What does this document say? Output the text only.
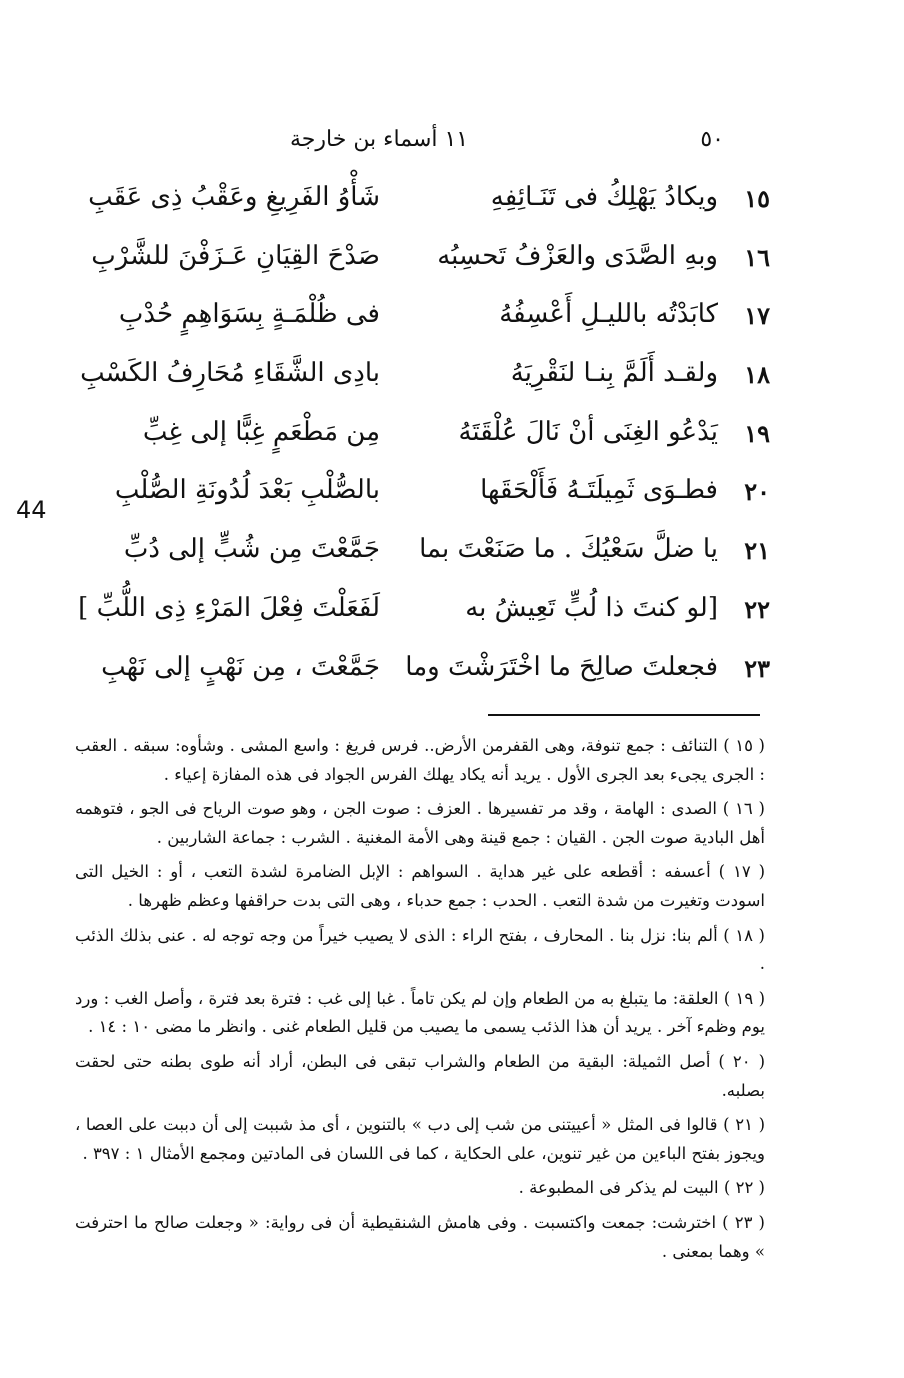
٥٠
١١ أسماء بن خارجة
44
١٥
ويكادُ يَهْلِكُ فى تَنَـائِفِهِ
شَأْوُ الفَرِيغِ وعَقْبُ ذِى عَقَبِ
١٦
وبهِ الصَّدَى والعَزْفُ تَحسِبُه
صَدْحَ القِيَانِ عَـزَفْنَ للشَّرْبِ
١٧
كابَدْتُه بالليـلِ أَعْسِفُهُ
فى ظُلْمَـةٍ بِسَوَاهِمٍ حُدْبِ
١٨
ولقـد أَلَمَّ بِنـا لنَقْرِيَهُ
بادِى الشَّقَاءِ مُحَارِفُ الكَسْبِ
١٩
يَدْعُو الغِنَى أنْ نَالَ عُلْقَتَهُ
مِن مَطْعَمٍ غِبًّا إلى غِبِّ
٢٠
فطـوَى ثَمِيلَتَـهُ فَأَلْحَقَها
بالصُّلْبِ بَعْدَ لُدُونَةِ الصُّلْبِ
٢١
يا ضلَّ سَعْيُكَ . ما صَنَعْتَ بما
جَمَّعْتَ مِن شُبٍّ إلى دُبِّ
٢٢
[لو كنتَ ذا لُبٍّ تَعِيشُ به
لَفَعَلْتَ فِعْلَ المَرْءِ ذِى اللُّبِّ ]
٢٣
فجعلتَ صالِحَ ما اخْتَرَشْتَ وما
جَمَّعْتَ ، مِن نَهْبٍ إلى نَهْبِ

( ١٥ ) التنائف : جمع تنوفة، وهى القفرمن الأرض.. فرس فريغ : واسع المشى . وشأوه: سبقه . العقب : الجرى يجىء بعد الجرى الأول . يريد أنه يكاد يهلك الفرس الجواد فى هذه المفازة إعياء .

( ١٦ ) الصدى : الهامة ، وقد مر تفسيرها . العزف : صوت الجن ، وهو صوت الرياح فى الجو ، فتوهمه أهل البادية صوت الجن . القيان : جمع قينة وهى الأمة المغنية . الشرب : جماعة الشاربين .

( ١٧ ) أعسفه : أقطعه على غير هداية . السواهم : الإبل الضامرة لشدة التعب ، أو : الخيل التى اسودت وتغيرت من شدة التعب . الحدب : جمع حدباء ، وهى التى بدت حراقفها وعظم ظهرها .

( ١٨ ) ألم بنا: نزل بنا . المحارف ، بفتح الراء : الذى لا يصيب خيراً من وجه توجه له . عنى بذلك الذئب .

( ١٩ ) العلقة: ما يتبلغ به من الطعام وإن لم يكن تاماً . غبا إلى غب : فترة بعد فترة ، وأصل الغب : ورد يوم وظمء آخر . يريد أن هذا الذئب يسمى ما يصيب من قليل الطعام غنى . وانظر ما مضى ١٠ : ١٤ .

( ٢٠ ) أصل الثميلة: البقية من الطعام والشراب تبقى فى البطن، أراد أنه طوى بطنه حتى لحقت بصلبه.

( ٢١ ) قالوا فى المثل « أعييتنى من شب إلى دب » بالتنوين ، أى مذ شببت إلى أن دببت على العصا ، ويجوز بفتح الباءين من غير تنوين، على الحكاية ، كما فى اللسان فى المادتين ومجمع الأمثال ١ : ٣٩٧ .

( ٢٢ ) البيت لم يذكر فى المطبوعة .

( ٢٣ ) اخترشت: جمعت واكتسبت . وفى هامش الشنقيطية أن فى رواية: « وجعلت صالح ما احترفت » وهما بمعنى .
